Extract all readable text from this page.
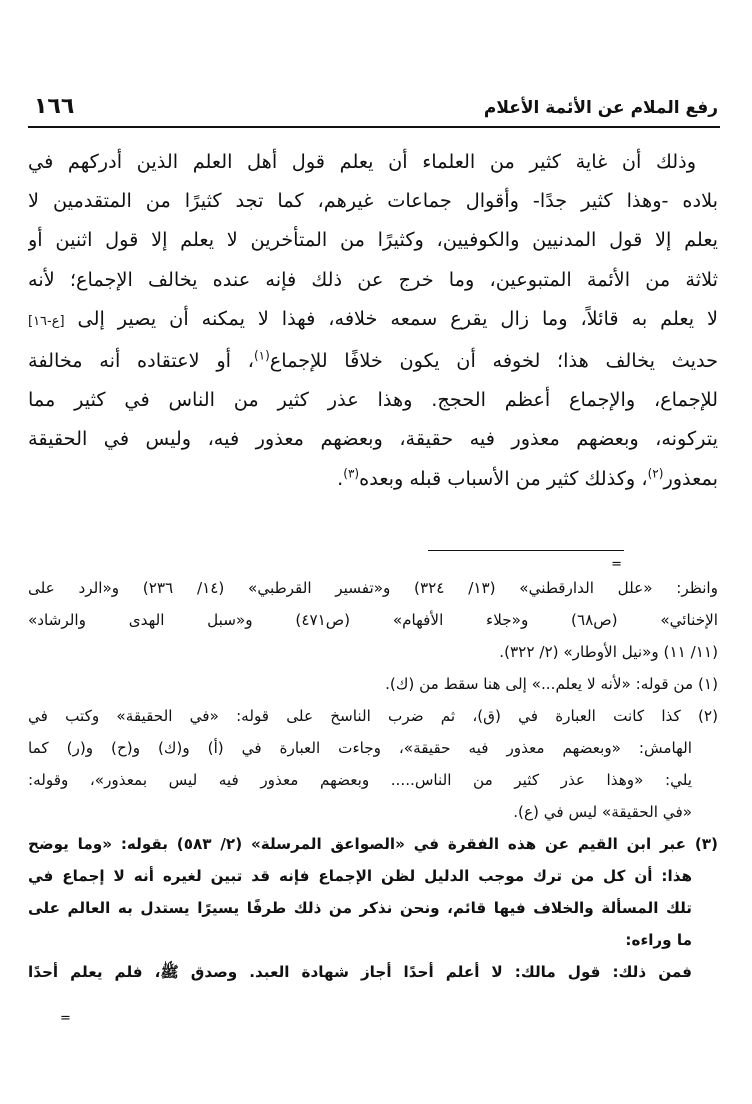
رفع الملام عن الأئمة الأعلام
١٦٦
وذلك أن غاية كثير من العلماء أن يعلم قول أهل العلم الذين أدركهم في
بلاده -وهذا كثير جدًا- وأقوال جماعات غيرهم، كما تجد كثيرًا من المتقدمين لا
يعلم إلا قول المدنيين والكوفيين، وكثيرًا من المتأخرين لا يعلم إلا قول اثنين أو
ثلاثة من الأئمة المتبوعين، وما خرج عن ذلك فإنه عنده يخالف الإجماع؛ لأنه
لا يعلم به قائلاً، وما زال يقرع سمعه خلافه، فهذا لا يمكنه أن يصير إلى [ع-١٦]
حديث يخالف هذا؛ لخوفه أن يكون خلافًا للإجماع$^{(١)}$، أو لاعتقاده أنه مخالفة
للإجماع، والإجماع أعظم الحجج. وهذا عذر كثير من الناس في كثير مما
يتركونه، وبعضهم معذور فيه حقيقة، وبعضهم معذور فيه، وليس في الحقيقة
بمعذور$^{(٢)}$، وكذلك كثير من الأسباب قبله وبعده$^{(٣)}$.
=
وانظر: «علل الدارقطني» (١٣/ ٣٢٤) و«تفسير القرطبي» (١٤/ ٢٣٦) و«الرد على
الإخنائي» (ص٦٨) و«جلاء الأفهام» (ص٤٧١) و«سبل الهدى والرشاد»
(١١/ ١١) و«نيل الأوطار» (٢/ ٣٢٢).
(١) من قوله: «لأنه لا يعلم...» إلى هنا سقط من (ك).
(٢) كذا كانت العبارة في (ق)، ثم ضرب الناسخ على قوله: «في الحقيقة» وكتب في
الهامش: «وبعضهم معذور فيه حقيقة»، وجاءت العبارة في (أ) و(ك) و(ح) و(ر) كما
يلي: «وهذا عذر كثير من الناس..... وبعضهم معذور فيه ليس بمعذور»، وقوله:
«في الحقيقة» ليس في (ع).
(٣) عبر ابن القيم عن هذه الفقرة في «الصواعق المرسلة» (٢/ ٥٨٣) بقوله: «وما يوضح
هذا: أن كل من ترك موجب الدليل لظن الإجماع فإنه قد تبين لغيره أنه لا إجماع في
تلك المسألة والخلاف فيها قائم، ونحن نذكر من ذلك طرفًا يسيرًا يستدل به العالم على
ما وراءه:
فمن ذلك: قول مالك: لا أعلم أحدًا أجاز شهادة العبد. وصدق ﷺ، فلم يعلم أحدًا
=
